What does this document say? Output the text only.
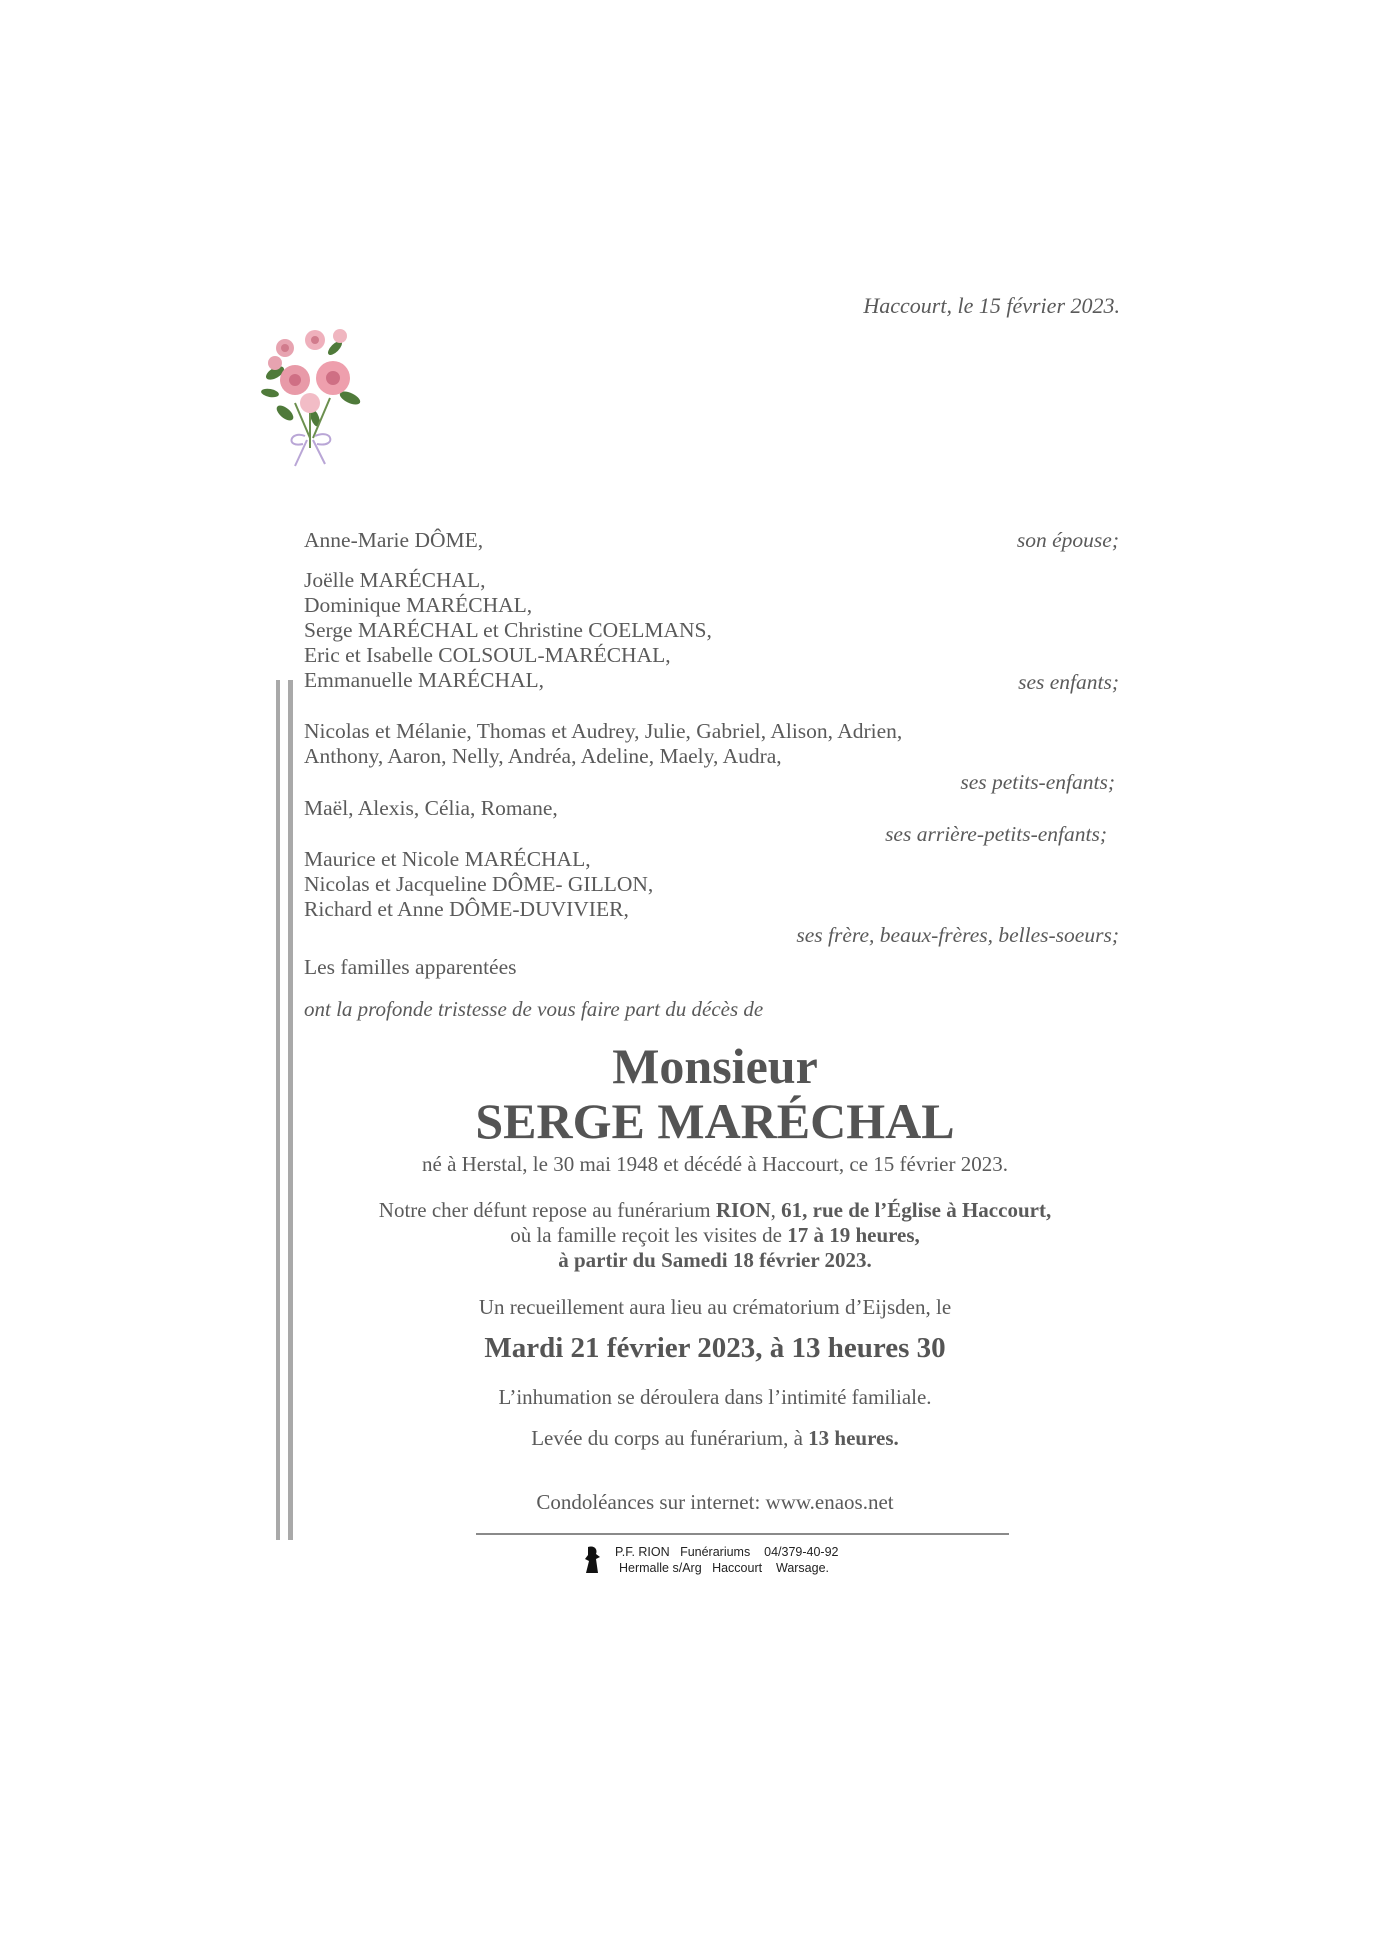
Haccourt, le 15 février 2023.
Anne-Marie DÔME,	son épouse;
Joëlle MARÉCHAL,
Dominique MARÉCHAL,
Serge MARÉCHAL et Christine COELMANS,
Eric et Isabelle COLSOUL-MARÉCHAL,
Emmanuelle MARÉCHAL,	ses enfants;
Nicolas et Mélanie, Thomas et Audrey, Julie, Gabriel, Alison, Adrien,
Anthony, Aaron, Nelly, Andréa, Adeline, Maely, Audra,
ses petits-enfants;
Maël, Alexis, Célia, Romane,
ses arrière-petits-enfants;
Maurice et Nicole MARÉCHAL,
Nicolas et Jacqueline DÔME- GILLON,
Richard et Anne DÔME-DUVIVIER,
ses frère, beaux-frères, belles-soeurs;
Les familles apparentées
ont la profonde tristesse de vous faire part du décès de
Monsieur
SERGE MARÉCHAL
né à Herstal, le 30 mai 1948 et décédé à Haccourt, ce 15 février 2023.
Notre cher défunt repose au funérarium RION, 61, rue de l’Église à Haccourt,
où la famille reçoit les visites de 17 à 19 heures,
à partir du Samedi 18 février 2023.
Un recueillement aura lieu au crématorium d’Eijsden, le
Mardi 21 février 2023, à 13 heures 30
L’inhumation se déroulera dans l’intimité familiale.
Levée du corps au funérarium, à 13 heures.
Condoléances sur internet: www.enaos.net
P.F. RION   Funérariums    04/379-40-92
Hermalle s/Arg   Haccourt    Warsage.
